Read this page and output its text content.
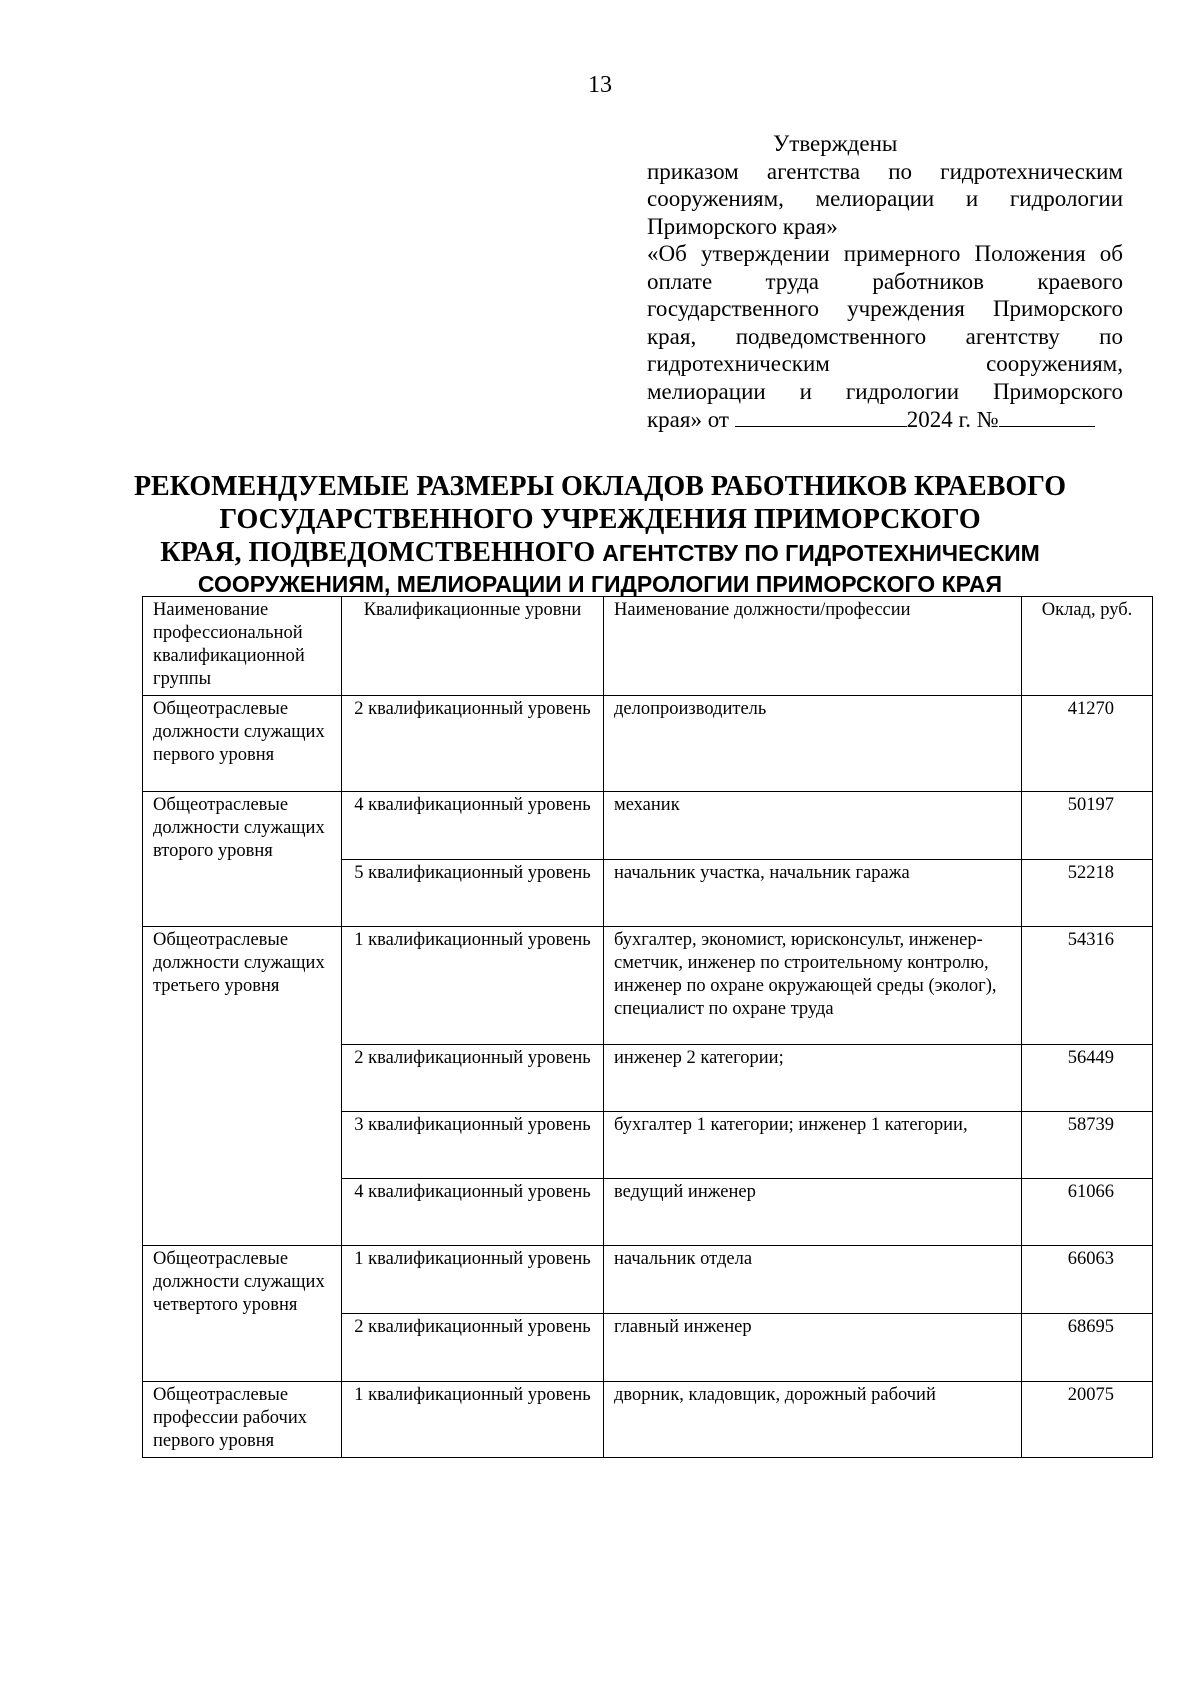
13
Утверждены
приказом агентства по гидротехническим
сооружениям, мелиорации и гидрологии
Приморского края»
«Об утверждении примерного Положения об
оплате труда работников краевого
государственного учреждения Приморского
края, подведомственного агентству по
гидротехническим сооружениям,
мелиорации и гидрологии Приморского
края» от	2024 г. №
РЕКОМЕНДУЕМЫЕ РАЗМЕРЫ ОКЛАДОВ РАБОТНИКОВ КРАЕВОГО
ГОСУДАРСТВЕННОГО УЧРЕЖДЕНИЯ ПРИМОРСКОГО
КРАЯ, ПОДВЕДОМСТВЕННОГО АГЕНТСТВУ ПО ГИДРОТЕХНИЧЕСКИМ
СООРУЖЕНИЯМ, МЕЛИОРАЦИИ И ГИДРОЛОГИИ ПРИМОРСКОГО КРАЯ
Наименование профессиональной квалификационной группы	Квалификационные уровни	Наименование должности/профессии	Оклад, руб.
Общеотраслевые должности служащих первого уровня	2 квалификационный уровень	делопроизводитель	41270
Общеотраслевые должности служащих второго уровня	4 квалификационный уровень	механик	50197
	5 квалификационный уровень	начальник участка, начальник гаража	52218
Общеотраслевые должности служащих третьего уровня	1 квалификационный уровень	бухгалтер, экономист, юрисконсульт, инженер-сметчик, инженер по строительному контролю, инженер по охране окружающей среды (эколог), специалист по охране труда	54316
	2 квалификационный уровень	инженер 2 категории;	56449
	3 квалификационный уровень	бухгалтер 1 категории; инженер 1 категории,	58739
	4 квалификационный уровень	ведущий инженер	61066
Общеотраслевые должности служащих четвертого уровня	1 квалификационный уровень	начальник отдела	66063
	2 квалификационный уровень	главный инженер	68695
Общеотраслевые профессии рабочих первого уровня	1 квалификационный уровень	дворник, кладовщик, дорожный рабочий	20075
